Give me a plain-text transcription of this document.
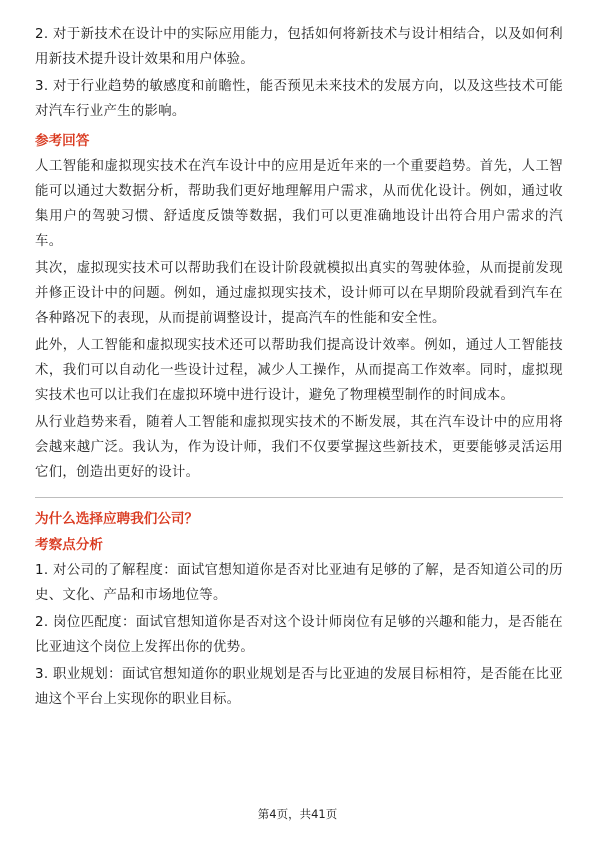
2. 对于新技术在设计中的实际应用能力，包括如何将新技术与设计相结合，以及如何利用新技术提升设计效果和用户体验。

3. 对于行业趋势的敏感度和前瞻性，能否预见未来技术的发展方向，以及这些技术可能对汽车行业产生的影响。

参考回答

人工智能和虚拟现实技术在汽车设计中的应用是近年来的一个重要趋势。首先，人工智能可以通过大数据分析，帮助我们更好地理解用户需求，从而优化设计。例如，通过收集用户的驾驶习惯、舒适度反馈等数据，我们可以更准确地设计出符合用户需求的汽车。

其次，虚拟现实技术可以帮助我们在设计阶段就模拟出真实的驾驶体验，从而提前发现并修正设计中的问题。例如，通过虚拟现实技术，设计师可以在早期阶段就看到汽车在各种路况下的表现，从而提前调整设计，提高汽车的性能和安全性。

此外，人工智能和虚拟现实技术还可以帮助我们提高设计效率。例如，通过人工智能技术，我们可以自动化一些设计过程，减少人工操作，从而提高工作效率。同时，虚拟现实技术也可以让我们在虚拟环境中进行设计，避免了物理模型制作的时间成本。

从行业趋势来看，随着人工智能和虚拟现实技术的不断发展，其在汽车设计中的应用将会越来越广泛。我认为，作为设计师，我们不仅要掌握这些新技术，更要能够灵活运用它们，创造出更好的设计。

为什么选择应聘我们公司？

考察点分析

1. 对公司的了解程度：面试官想知道你是否对比亚迪有足够的了解，是否知道公司的历史、文化、产品和市场地位等。

2. 岗位匹配度：面试官想知道你是否对这个设计师岗位有足够的兴趣和能力，是否能在比亚迪这个岗位上发挥出你的优势。

3. 职业规划：面试官想知道你的职业规划是否与比亚迪的发展目标相符，是否能在比亚迪这个平台上实现你的职业目标。

第4页，共41页
